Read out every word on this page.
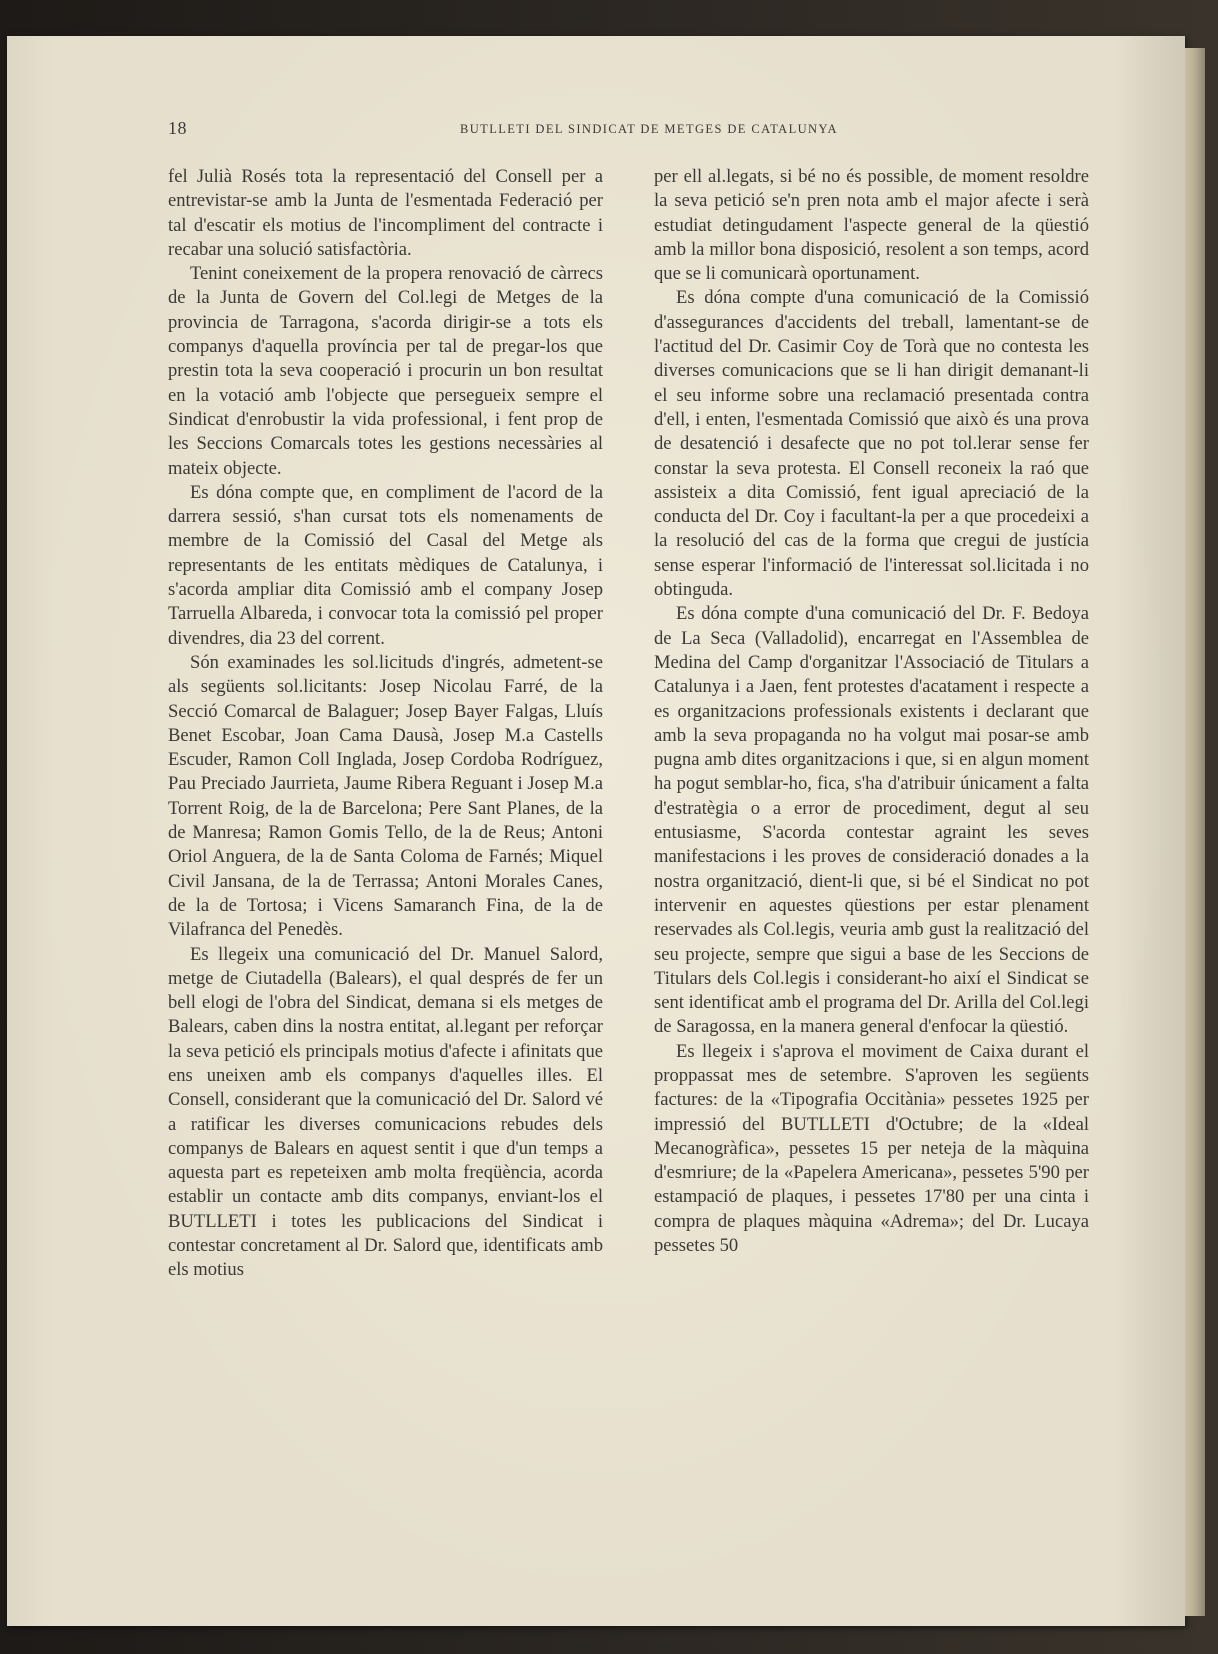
18	BUTLLETI DEL SINDICAT DE METGES DE CATALUNYA

fel Julià Rosés tota la representació del Consell per a entrevistar-se amb la Junta de l'esmentada Federació per tal d'escatir els motius de l'incompliment del contracte i recabar una solució satisfactòria.

Tenint coneixement de la propera renovació de càrrecs de la Junta de Govern del Col.legi de Metges de la provincia de Tarragona, s'acorda dirigir-se a tots els companys d'aquella província per tal de pregar-los que prestin tota la seva cooperació i procurin un bon resultat en la votació amb l'objecte que persegueix sempre el Sindicat d'enrobustir la vida professional, i fent prop de les Seccions Comarcals totes les gestions necessàries al mateix objecte.

Es dóna compte que, en compliment de l'acord de la darrera sessió, s'han cursat tots els nomenaments de membre de la Comissió del Casal del Metge als representants de les entitats mèdiques de Catalunya, i s'acorda ampliar dita Comissió amb el company Josep Tarruella Albareda, i convocar tota la comissió pel proper divendres, dia 23 del corrent.

Són examinades les sol.licituds d'ingrés, admetent-se als següents sol.licitants: Josep Nicolau Farré, de la Secció Comarcal de Balaguer; Josep Bayer Falgas, Lluís Benet Escobar, Joan Cama Dausà, Josep M.a Castells Escuder, Ramon Coll Inglada, Josep Cordoba Rodríguez, Pau Preciado Jaurrieta, Jaume Ribera Reguant i Josep M.a Torrent Roig, de la de Barcelona; Pere Sant Planes, de la de Manresa; Ramon Gomis Tello, de la de Reus; Antoni Oriol Anguera, de la de Santa Coloma de Farnés; Miquel Civil Jansana, de la de Terrassa; Antoni Morales Canes, de la de Tortosa; i Vicens Samaranch Fina, de la de Vilafranca del Penedès.

Es llegeix una comunicació del Dr. Manuel Salord, metge de Ciutadella (Balears), el qual després de fer un bell elogi de l'obra del Sindicat, demana si els metges de Balears, caben dins la nostra entitat, al.legant per reforçar la seva petició els principals motius d'afecte i afinitats que ens uneixen amb els companys d'aquelles illes. El Consell, considerant que la comunicació del Dr. Salord vé a ratificar les diverses comunicacions rebudes dels companys de Balears en aquest sentit i que d'un temps a aquesta part es repeteixen amb molta freqüència, acorda establir un contacte amb dits companys, enviant-los el BUTLLETI i totes les publicacions del Sindicat i contestar concretament al Dr. Salord que, identificats amb els motius

per ell al.legats, si bé no és possible, de moment resoldre la seva petició se'n pren nota amb el major afecte i serà estudiat detingudament l'aspecte general de la qüestió amb la millor bona disposició, resolent a son temps, acord que se li comunicarà oportunament.

Es dóna compte d'una comunicació de la Comissió d'assegurances d'accidents del treball, lamentant-se de l'actitud del Dr. Casimir Coy de Torà que no contesta les diverses comunicacions que se li han dirigit demanant-li el seu informe sobre una reclamació presentada contra d'ell, i enten, l'esmentada Comissió que això és una prova de desatenció i desafecte que no pot tol.lerar sense fer constar la seva protesta. El Consell reconeix la raó que assisteix a dita Comissió, fent igual apreciació de la conducta del Dr. Coy i facultant-la per a que procedeixi a la resolució del cas de la forma que cregui de justícia sense esperar l'informació de l'interessat sol.licitada i no obtinguda.

Es dóna compte d'una comunicació del Dr. F. Bedoya de La Seca (Valladolid), encarregat en l'Assemblea de Medina del Camp d'organitzar l'Associació de Titulars a Catalunya i a Jaen, fent protestes d'acatament i respecte a es organitzacions professionals existents i declarant que amb la seva propaganda no ha volgut mai posar-se amb pugna amb dites organitzacions i que, si en algun moment ha pogut semblar-ho, fica, s'ha d'atribuir únicament a falta d'estratègia o a error de procediment, degut al seu entusiasme, S'acorda contestar agraint les seves manifestacions i les proves de consideració donades a la nostra organització, dient-li que, si bé el Sindicat no pot intervenir en aquestes qüestions per estar plenament reservades als Col.legis, veuria amb gust la realització del seu projecte, sempre que sigui a base de les Seccions de Titulars dels Col.legis i considerant-ho així el Sindicat se sent identificat amb el programa del Dr. Arilla del Col.legi de Saragossa, en la manera general d'enfocar la qüestió.

Es llegeix i s'aprova el moviment de Caixa durant el proppassat mes de setembre. S'aproven les següents factures: de la «Tipografia Occitània» pessetes 1925 per impressió del BUTLLETI d'Octubre; de la «Ideal Mecanogràfica», pessetes 15 per neteja de la màquina d'esmriure; de la «Papelera Americana», pessetes 5'90 per estampació de plaques, i pessetes 17'80 per una cinta i compra de plaques màquina «Adrema»; del Dr. Lucaya pessetes 50
